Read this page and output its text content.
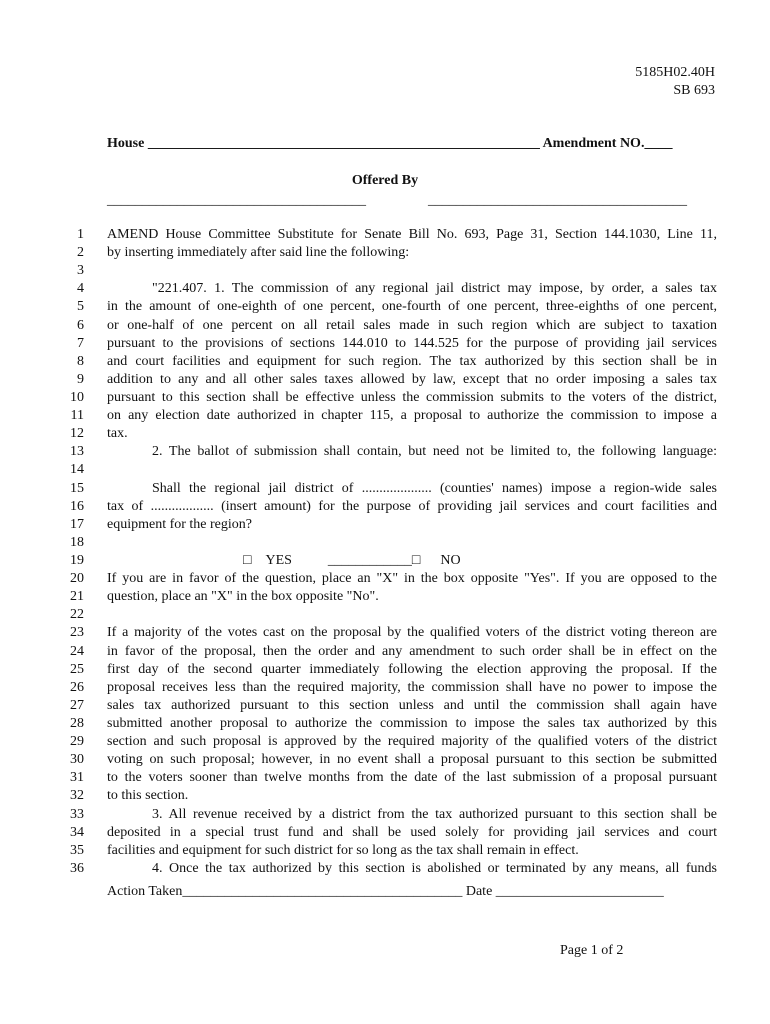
5185H02.40H
SB 693
House ________________________________________________________ Amendment NO.____
Offered By
_____________________________________	_____________________________________
1 AMEND House Committee Substitute for Senate Bill No. 693, Page 31, Section 144.1030, Line 11,
2 by inserting immediately after said line the following:
3
4	"221.407. 1. The commission of any regional jail district may impose, by order, a sales tax
5 in the amount of one-eighth of one percent, one-fourth of one percent, three-eighths of one percent,
6 or one-half of one percent on all retail sales made in such region which are subject to taxation
7 pursuant to the provisions of sections 144.010 to 144.525 for the purpose of providing jail services
8 and court facilities and equipment for such region. The tax authorized by this section shall be in
9 addition to any and all other sales taxes allowed by law, except that no order imposing a sales tax
10 pursuant to this section shall be effective unless the commission submits to the voters of the district,
11 on any election date authorized in chapter 115, a proposal to authorize the commission to impose a
12 tax.
13	2. The ballot of submission shall contain, but need not be limited to, the following language:
14
15	Shall the regional jail district of .................... (counties' names) impose a region-wide sales
16 tax of .................. (insert amount) for the purpose of providing jail services and court facilities and
17 equipment for the region?
18
19	□ YES	____________□ NO
20 If you are in favor of the question, place an "X" in the box opposite "Yes". If you are opposed to the
21 question, place an "X" in the box opposite "No".
22
23 If a majority of the votes cast on the proposal by the qualified voters of the district voting thereon are
24 in favor of the proposal, then the order and any amendment to such order shall be in effect on the
25 first day of the second quarter immediately following the election approving the proposal. If the
26 proposal receives less than the required majority, the commission shall have no power to impose the
27 sales tax authorized pursuant to this section unless and until the commission shall again have
28 submitted another proposal to authorize the commission to impose the sales tax authorized by this
29 section and such proposal is approved by the required majority of the qualified voters of the district
30 voting on such proposal; however, in no event shall a proposal pursuant to this section be submitted
31 to the voters sooner than twelve months from the date of the last submission of a proposal pursuant
32 to this section.
33	3. All revenue received by a district from the tax authorized pursuant to this section shall be
34 deposited in a special trust fund and shall be used solely for providing jail services and court
35 facilities and equipment for such district for so long as the tax shall remain in effect.
36	4. Once the tax authorized by this section is abolished or terminated by any means, all funds
Action Taken________________________________________ Date ________________________
Page 1 of 2
